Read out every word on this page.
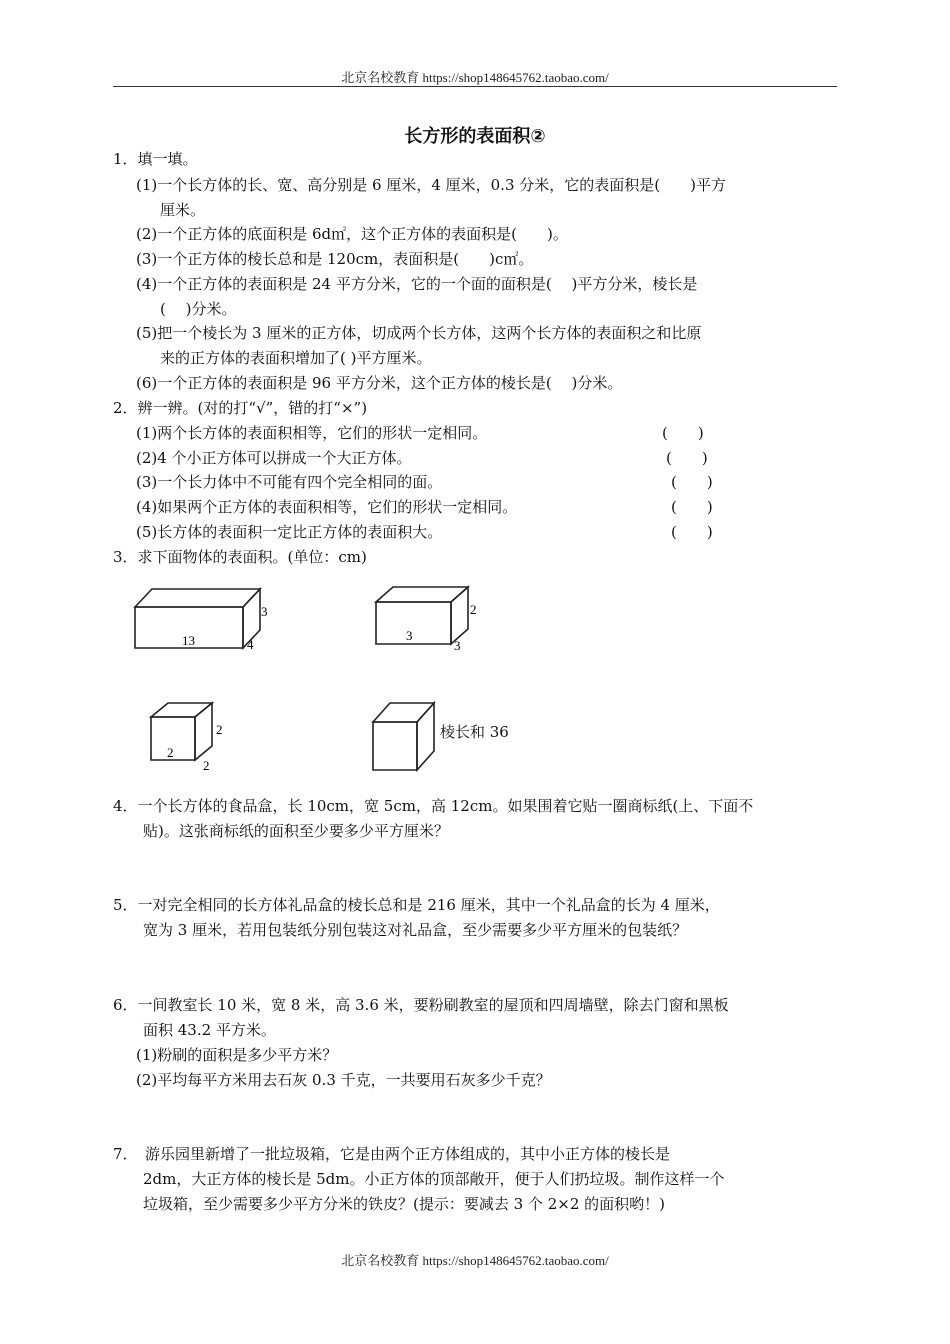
北京名校教育 https://shop148645762.taobao.com/
长方形的表面积②
1．填一填。
(1)一个长方体的长、宽、高分别是 6 厘米，4 厘米，0.3 分米，它的表面积是(　　)平方
厘米。
(2)一个正方体的底面积是 6d㎡，这个正方体的表面积是(　　)。
(3)一个正方体的棱长总和是 120cm，表面积是(　　)c㎡。
(4)一个正方体的表面积是 24 平方分米，它的一个面的面积是(　 )平方分米，棱长是
(　 )分米。
(5)把一个棱长为 3 厘米的正方体，切成两个长方体，这两个长方体的表面积之和比原
来的正方体的表面积增加了( )平方厘米。
(6)一个正方体的表面积是 96 平方分米，这个正方体的棱长是(　 )分米。
2．辨一辨。(对的打“√”，错的打“×”)
(1)两个长方体的表面积相等，它们的形状一定相同。	(　　)
(2)4 个小正方体可以拼成一个大正方体。	(　　)
(3)一个长力体中不可能有四个完全相同的面。	(　　)
(4)如果两个正方体的表面积相等，它们的形状一定相同。	(　　)
(5)长方体的表面积一定比正方体的表面积大。	(　　)
3．求下面物体的表面积。(单位：cm)
3
13	4
2
3
3
2
2
2
棱长和 36
4．一个长方体的食品盒，长 10cm，宽 5cm，高 12cm。如果围着它贴一圈商标纸(上、下面不
贴)。这张商标纸的面积至少要多少平方厘米？
5．一对完全相同的长方体礼品盒的棱长总和是 216 厘米，其中一个礼品盒的长为 4 厘米，
宽为 3 厘米，若用包装纸分别包装这对礼品盒，至少需要多少平方厘米的包装纸？
6．一间教室长 10 米，宽 8 米，高 3.6 米，要粉刷教室的屋顶和四周墙壁，除去门窗和黑板
面积 43.2 平方米。
(1)粉刷的面积是多少平方米？
(2)平均每平方米用去石灰 0.3 千克，一共要用石灰多少千克？
7．　游乐园里新增了一批垃圾箱，它是由两个正方体组成的，其中小正方体的棱长是
2dm，大正方体的棱长是 5dm。小正方体的顶部敞开，便于人们扔垃圾。制作这样一个
垃圾箱，至少需要多少平方分米的铁皮？(提示：要减去 3 个 2×2 的面积哟！)
北京名校教育 https://shop148645762.taobao.com/
